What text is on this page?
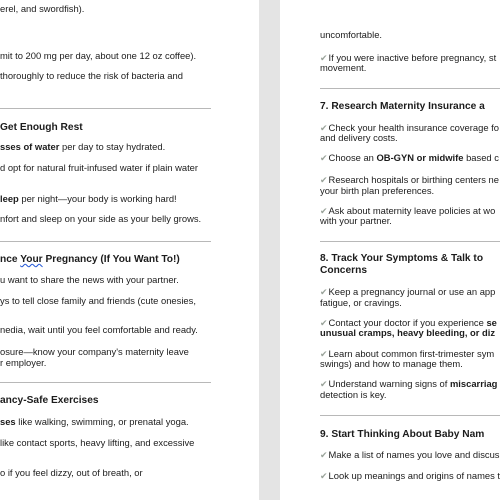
erel, and swordfish).
mit to 200 mg per day, about one 12 oz coffee).
thoroughly to reduce the risk of bacteria and
Get Enough Rest
sses of water per day to stay hydrated.
d opt for natural fruit-infused water if plain water
leep per night—your body is working hard!
nfort and sleep on your side as your belly grows.
nce Your Pregnancy (If You Want To!)
u want to share the news with your partner.
ys to tell close family and friends (cute onesies,
nedia, wait until you feel comfortable and ready.
osure—know your company's maternity leave
r employer.
ancy-Safe Exercises
ses like walking, swimming, or prenatal yoga.
like contact sports, heavy lifting, and excessive
o if you feel dizzy, out of breath, or
uncomfortable.
✔If you were inactive before pregnancy, st
movement.
7. Research Maternity Insurance a
✔Check your health insurance coverage fo
and delivery costs.
✔Choose an OB-GYN or midwife based c
✔Research hospitals or birthing centers ne
your birth plan preferences.
✔Ask about maternity leave policies at wo
with your partner.
8. Track Your Symptoms & Talk to
Concerns
✔Keep a pregnancy journal or use an app
fatigue, or cravings.
✔Contact your doctor if you experience se
unusual cramps, heavy bleeding, or diz
✔Learn about common first-trimester sym
swings) and how to manage them.
✔Understand warning signs of miscarriag
detection is key.
9. Start Thinking About Baby Nam
✔Make a list of names you love and discus
✔Look up meanings and origins of names t
